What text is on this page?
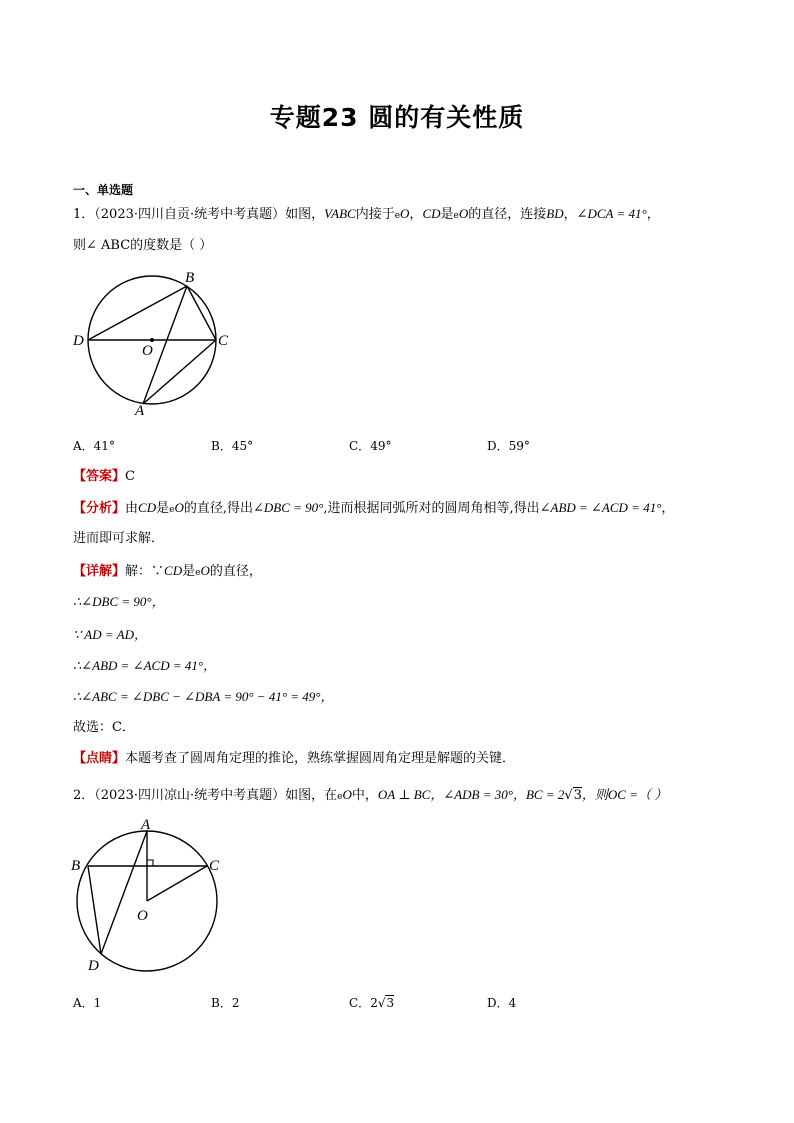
专题23 圆的有关性质
一、单选题
1．（2023·四川自贡·统考中考真题）如图，VABC内接于eO，CD是eO的直径，连接BD，∠DCA = 41°，
则∠ ABC的度数是（ ）
B
D
O
C
A
A．41°	B．45°	C．49°	D．59°
【答案】C
【分析】由CD是eO的直径,得出∠DBC = 90°,进而根据同弧所对的圆周角相等,得出∠ABD = ∠ACD = 41°，
进而即可求解．
【详解】解：∵CD是eO的直径，
∴∠DBC = 90°，
∵ AD = AD，
∴∠ABD = ∠ACD = 41°，
∴∠ABC = ∠DBC − ∠DBA = 90° − 41° = 49°，
故选：C．
【点睛】本题考查了圆周角定理的推论，熟练掌握圆周角定理是解题的关键．
2．（2023·四川凉山·统考中考真题）如图，在eO中，OA ⊥ BC，∠ADB = 30°，BC = 2√3，则OC =（ ）
A
B	C
O
D
A．1	B．2	C．2√3	D．4
